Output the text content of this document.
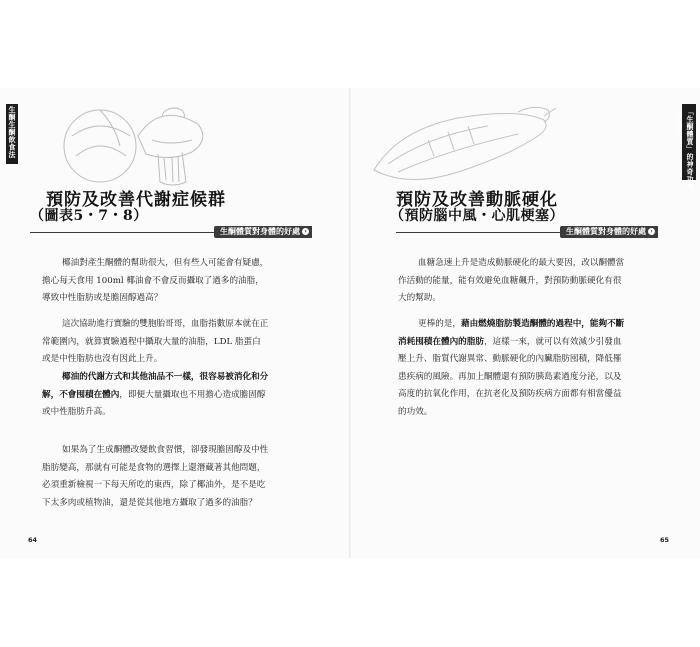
生酮生酮飲食法
預防及改善代謝症候群
（圖表5・7・8）
生酮體質對身體的好處 ›
椰油對產生酮體的幫助很大，但有些人可能會有疑慮，
擔心每天食用 100ml 椰油會不會反而攝取了過多的油脂，
導致中性脂肪或是膽固醇過高？
這次協助進行實驗的雙胞胎哥哥，血脂指數原本就在正
常範圍內，就算實驗過程中攝取大量的油脂，LDL 脂蛋白
或是中性脂肪也沒有因此上升。
椰油的代謝方式和其他油品不一樣，很容易被消化和分
解，不會囤積在體內，即便大量攝取也不用擔心造成膽固醇
或中性脂肪升高。
如果為了生成酮體改變飲食習慣，卻發現膽固醇及中性
脂肪變高，那就有可能是食物的選擇上還潛藏著其他問題，
必須重新檢視一下每天所吃的東西，除了椰油外，是不是吃
下太多肉或植物油，還是從其他地方攝取了過多的油脂？
64
CHAPTER 3 「生酮體質」的神奇功效！
預防及改善動脈硬化
（預防腦中風・心肌梗塞）
生酮體質對身體的好處 ›
血糖急速上升是造成動脈硬化的最大要因，改以酮體當
作活動的能量，能有效避免血糖飆升，對預防動脈硬化有很
大的幫助。
更棒的是，藉由燃燒脂肪製造酮體的過程中，能夠不斷
消耗囤積在體內的脂肪，這樣一來，就可以有效減少引發血
壓上升、脂質代謝異常、動脈硬化的內臟脂肪囤積，降低罹
患疾病的風險。再加上酮體還有預防胰島素過度分泌，以及
高度的抗氧化作用，在抗老化及預防疾病方面都有相當優益
的功效。
65
